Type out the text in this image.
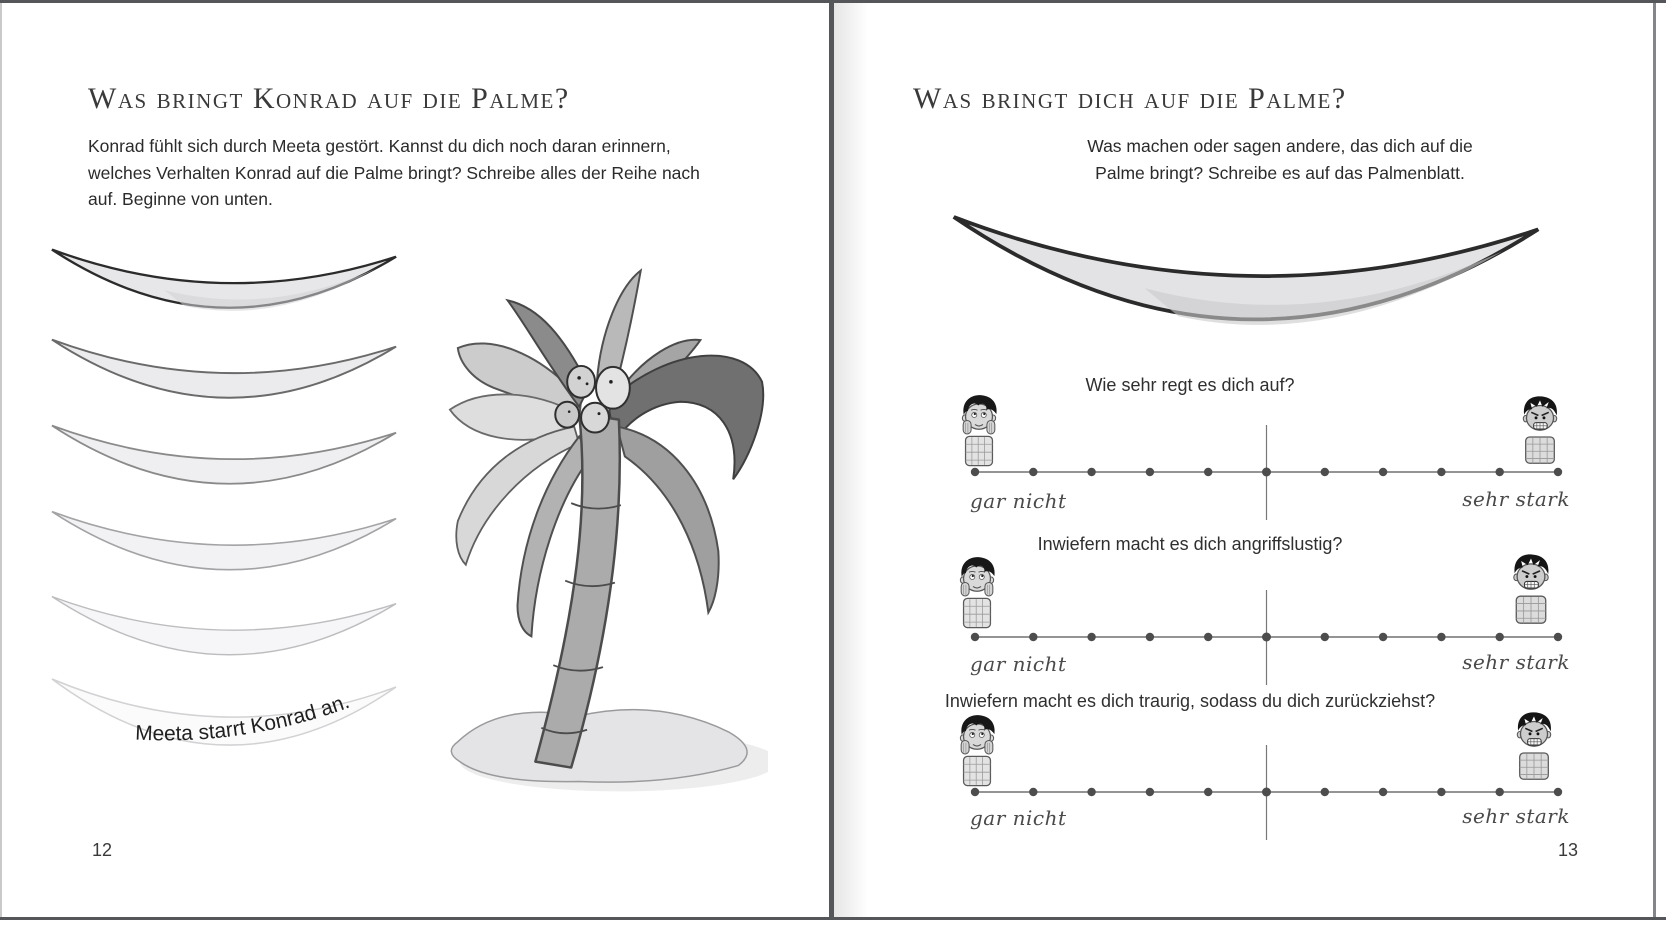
Was bringt Konrad auf die Palme?
Konrad fühlt sich durch Meeta gestört. Kannst du dich noch daran erinnern, welches Verhalten Konrad auf die Palme bringt? Schreibe alles der Reihe nach auf. Beginne von unten.
Meeta starrt Konrad an.
12
Was bringt dich auf die Palme?
Was machen oder sagen andere, das dich auf die Palme bringt? Schreibe es auf das Palmenblatt.
Wie sehr regt es dich auf?
gar nicht	sehr stark
Inwiefern macht es dich angriffslustig?
gar nicht	sehr stark
Inwiefern macht es dich traurig, sodass du dich zurückziehst?
gar nicht	sehr stark
13
